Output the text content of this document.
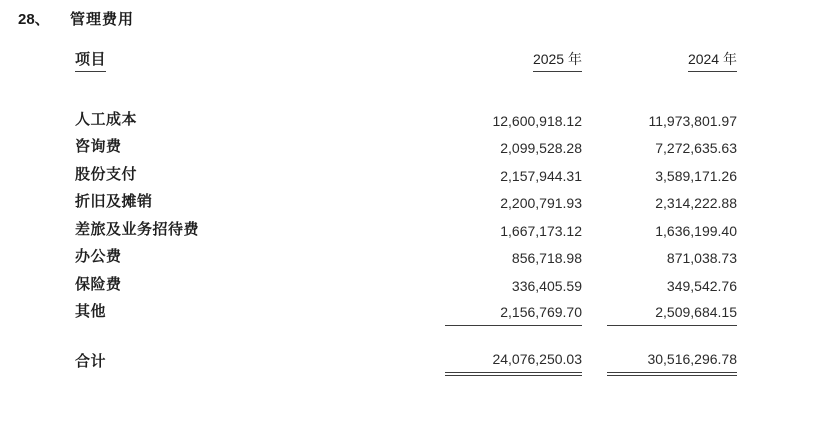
28、 管理费用
项目	2025 年	2024 年
人工成本	12,600,918.12	11,973,801.97
咨询费	2,099,528.28	7,272,635.63
股份支付	2,157,944.31	3,589,171.26
折旧及摊销	2,200,791.93	2,314,222.88
差旅及业务招待费	1,667,173.12	1,636,199.40
办公费	856,718.98	871,038.73
保险费	336,405.59	349,542.76
其他	2,156,769.70	2,509,684.15
合计	24,076,250.03	30,516,296.78
